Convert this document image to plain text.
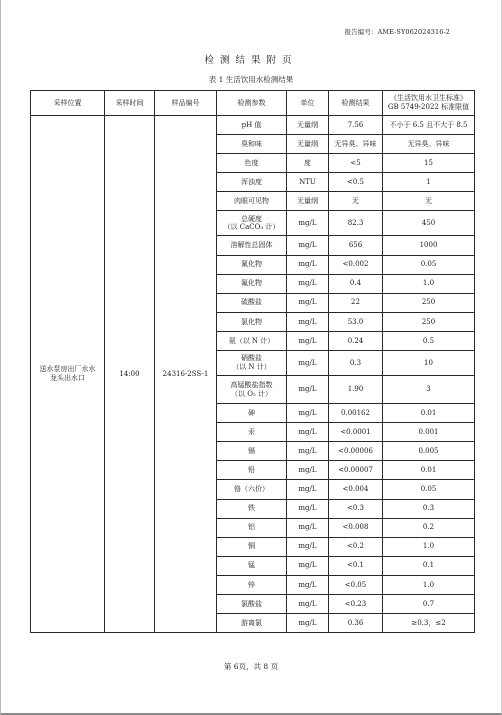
报告编号：AME-SY062024316-2
检测结果附页
表 1 生活饮用水检测结果
采样位置	采样时间	样品编号	检测参数	单位	检测结果	《生活饮用水卫生标准》
GB 5749-2022 标准限值

送水泵房出厂水水龙头出水口	14:00	24316-2SS-1	pH 值	无量纲	7.56	不小于 6.5 且不大于 8.5

			臭和味	无量纲	无异臭、异味	无异臭、异味

			色度	度	<5	15

			浑浊度	NTU	<0.5	1

			肉眼可见物	无量纲	无	无

			总硬度
（以 CaCO₃ 计）	mg/L	82.3	450

			溶解性总固体	mg/L	656	1000

			氰化物	mg/L	<0.002	0.05

			氟化物	mg/L	0.4	1.0

			硫酸盐	mg/L	22	250

			氯化物	mg/L	53.0	250

			氨（以 N 计）	mg/L	0.24	0.5

			硝酸盐
（以 N 计）	mg/L	0.3	10

			高锰酸盐指数
（以 O₂ 计）	mg/L	1.90	3

			砷	mg/L	0.00162	0.01

			汞	mg/L	<0.0001	0.001

			镉	mg/L	<0.00006	0.005

			铅	mg/L	<0.00007	0.01

			铬（六价）	mg/L	<0.004	0.05

			铁	mg/L	<0.3	0.3

			铝	mg/L	<0.008	0.2

			铜	mg/L	<0.2	1.0

			锰	mg/L	<0.1	0.1

			锌	mg/L	<0.05	1.0

			氯酸盐	mg/L	<0.23	0.7

			游离氯	mg/L	0.36	≥0.3，≤2
第 6页，共 8 页
